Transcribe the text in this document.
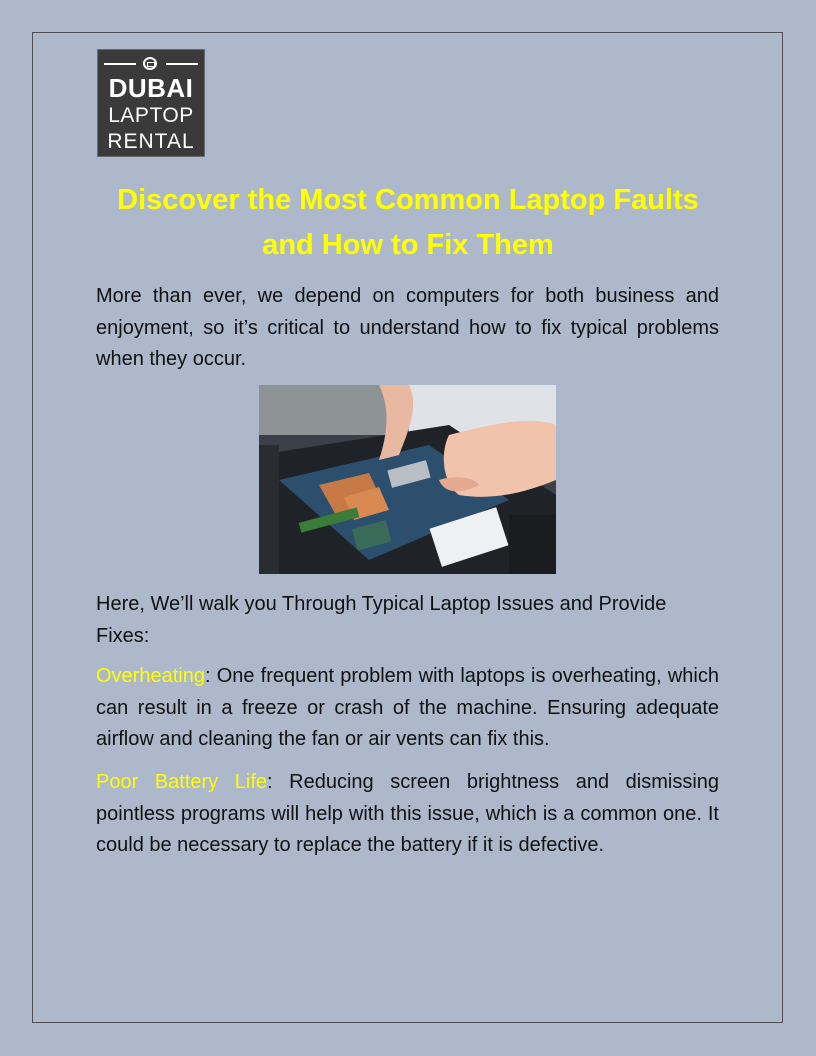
DUBAI
LAPTOP
RENTAL
Discover the Most Common Laptop Faults
and How to Fix Them

More than ever, we depend on computers for both business and enjoyment, so it’s critical to understand how to fix typical problems when they occur.

Here, We’ll walk you Through Typical Laptop Issues and Provide Fixes:

Overheating: One frequent problem with laptops is overheating, which can result in a freeze or crash of the machine. Ensuring adequate airflow and cleaning the fan or air vents can fix this.

Poor Battery Life: Reducing screen brightness and dismissing pointless programs will help with this issue, which is a common one. It could be necessary to replace the battery if it is defective.
